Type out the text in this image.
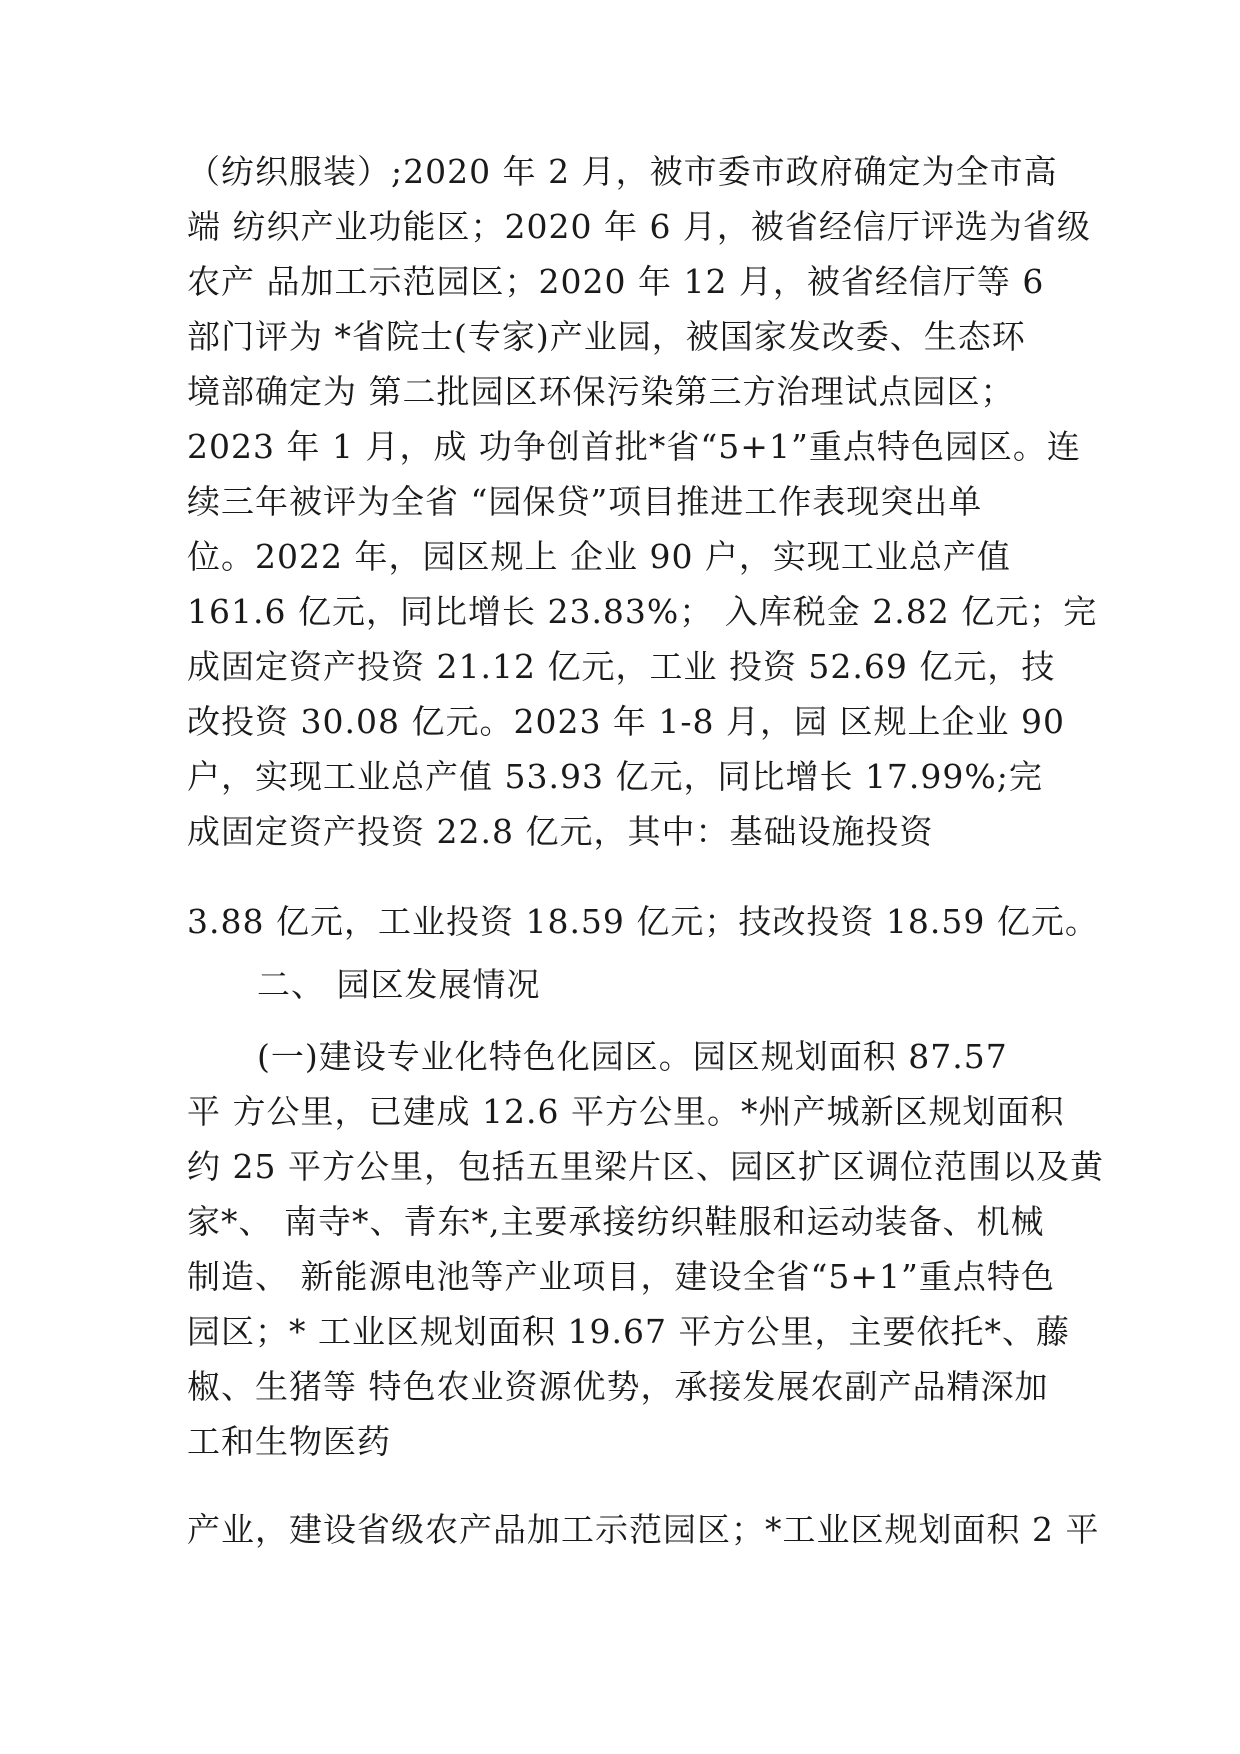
（纺织服装）;2020 年 2 月，被市委市政府确定为全市高
端 纺织产业功能区；2020 年 6 月，被省经信厅评选为省级
农产 品加工示范园区；2020 年 12 月，被省经信厅等 6
部门评为 *省院士(专家)产业园，被国家发改委、生态环
境部确定为 第二批园区环保污染第三方治理试点园区；
2023 年 1 月，成 功争创首批*省“5+1”重点特色园区。连
续三年被评为全省 “园保贷”项目推进工作表现突出单
位。2022 年，园区规上 企业 90 户，实现工业总产值
161.6 亿元，同比增长 23.83%； 入库税金 2.82 亿元；完
成固定资产投资 21.12 亿元，工业 投资 52.69 亿元，技
改投资 30.08 亿元。2023 年 1-8 月，园 区规上企业 90
户，实现工业总产值 53.93 亿元，同比增长 17.99%;完
成固定资产投资 22.8 亿元，其中：基础设施投资
3.88 亿元，工业投资 18.59 亿元；技改投资 18.59 亿元。
二、 园区发展情况
(一)建设专业化特色化园区。园区规划面积 87.57
平 方公里，已建成 12.6 平方公里。*州产城新区规划面积
约 25 平方公里，包括五里梁片区、园区扩区调位范围以及黄
家*、 南寺*、青东*,主要承接纺织鞋服和运动装备、机械
制造、 新能源电池等产业项目，建设全省“5+1”重点特色
园区；* 工业区规划面积 19.67 平方公里，主要依托*、藤
椒、生猪等 特色农业资源优势，承接发展农副产品精深加
工和生物医药
产业，建设省级农产品加工示范园区；*工业区规划面积 2 平
